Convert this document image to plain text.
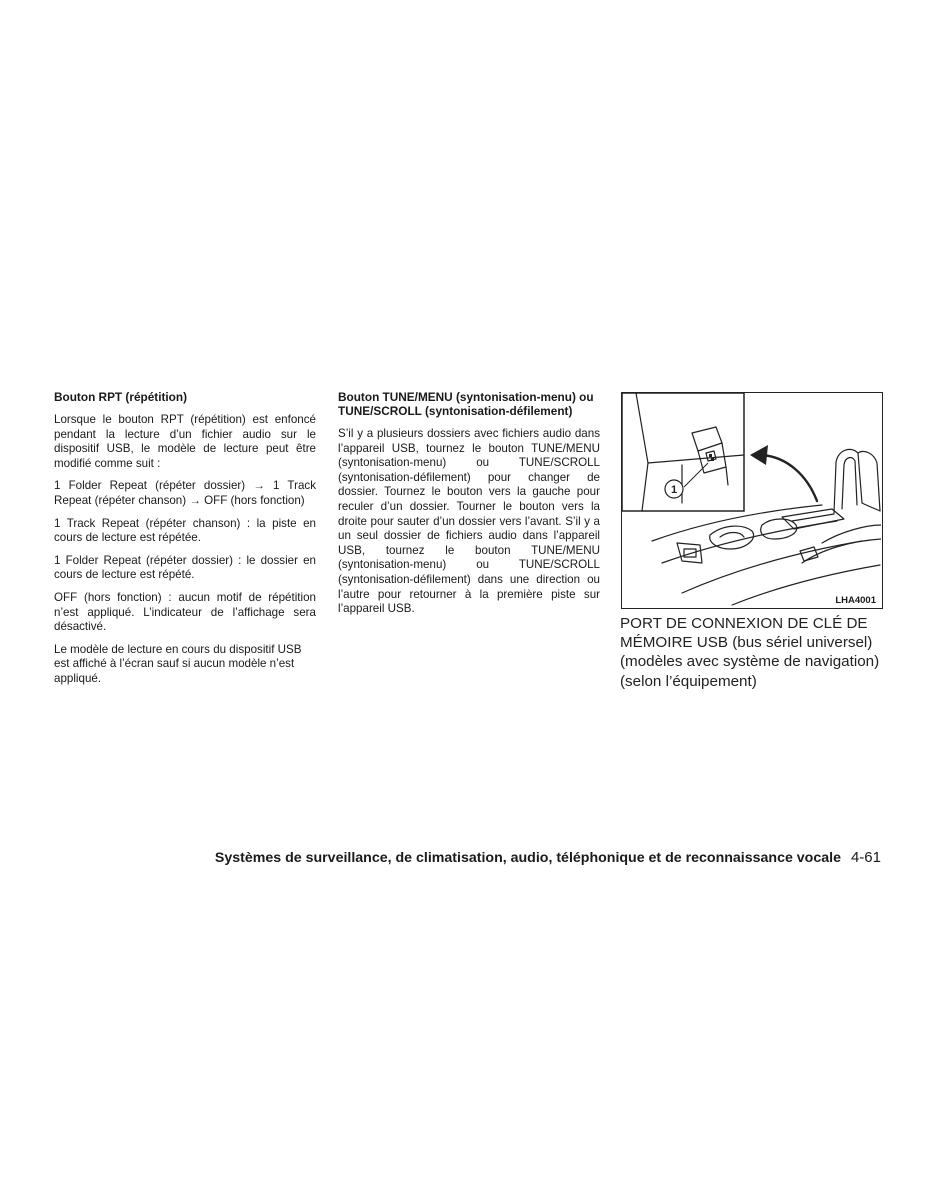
Bouton RPT (répétition)

Lorsque le bouton RPT (répétition) est enfoncé pendant la lecture d’un fichier audio sur le dispositif USB, le modèle de lecture peut être modifié comme suit :

1 Folder Repeat (répéter dossier) → 1 Track Repeat (répéter chanson) → OFF (hors fonction)

1 Track Repeat (répéter chanson) : la piste en cours de lecture est répétée.

1 Folder Repeat (répéter dossier) : le dossier en cours de lecture est répété.

OFF (hors fonction) : aucun motif de répétition n’est appliqué. L’indicateur de l’affichage sera désactivé.

Le modèle de lecture en cours du dispositif USB est affiché à l’écran sauf si aucun modèle n’est appliqué.

Bouton TUNE/MENU (syntonisation-menu) ou TUNE/SCROLL (syntonisation-défilement)

S’il y a plusieurs dossiers avec fichiers audio dans l’appareil USB, tournez le bouton TUNE/MENU (syntonisation-menu) ou TUNE/SCROLL (syntonisation-défilement) pour changer de dossier. Tournez le bouton vers la gauche pour reculer d’un dossier. Tourner le bouton vers la droite pour sauter d’un dossier vers l’avant. S’il y a un seul dossier de fichiers audio dans l’appareil USB, tournez le bouton TUNE/MENU (syntonisation-menu) ou TUNE/SCROLL (syntonisation-défilement) dans une direction ou l’autre pour retourner à la première piste sur l’appareil USB.

1
LHA4001
PORT DE CONNEXION DE CLÉ DE MÉMOIRE USB (bus sériel universel) (modèles avec système de navigation) (selon l’équipement)
Systèmes de surveillance, de climatisation, audio, téléphonique et de reconnaissance vocale 4-61
